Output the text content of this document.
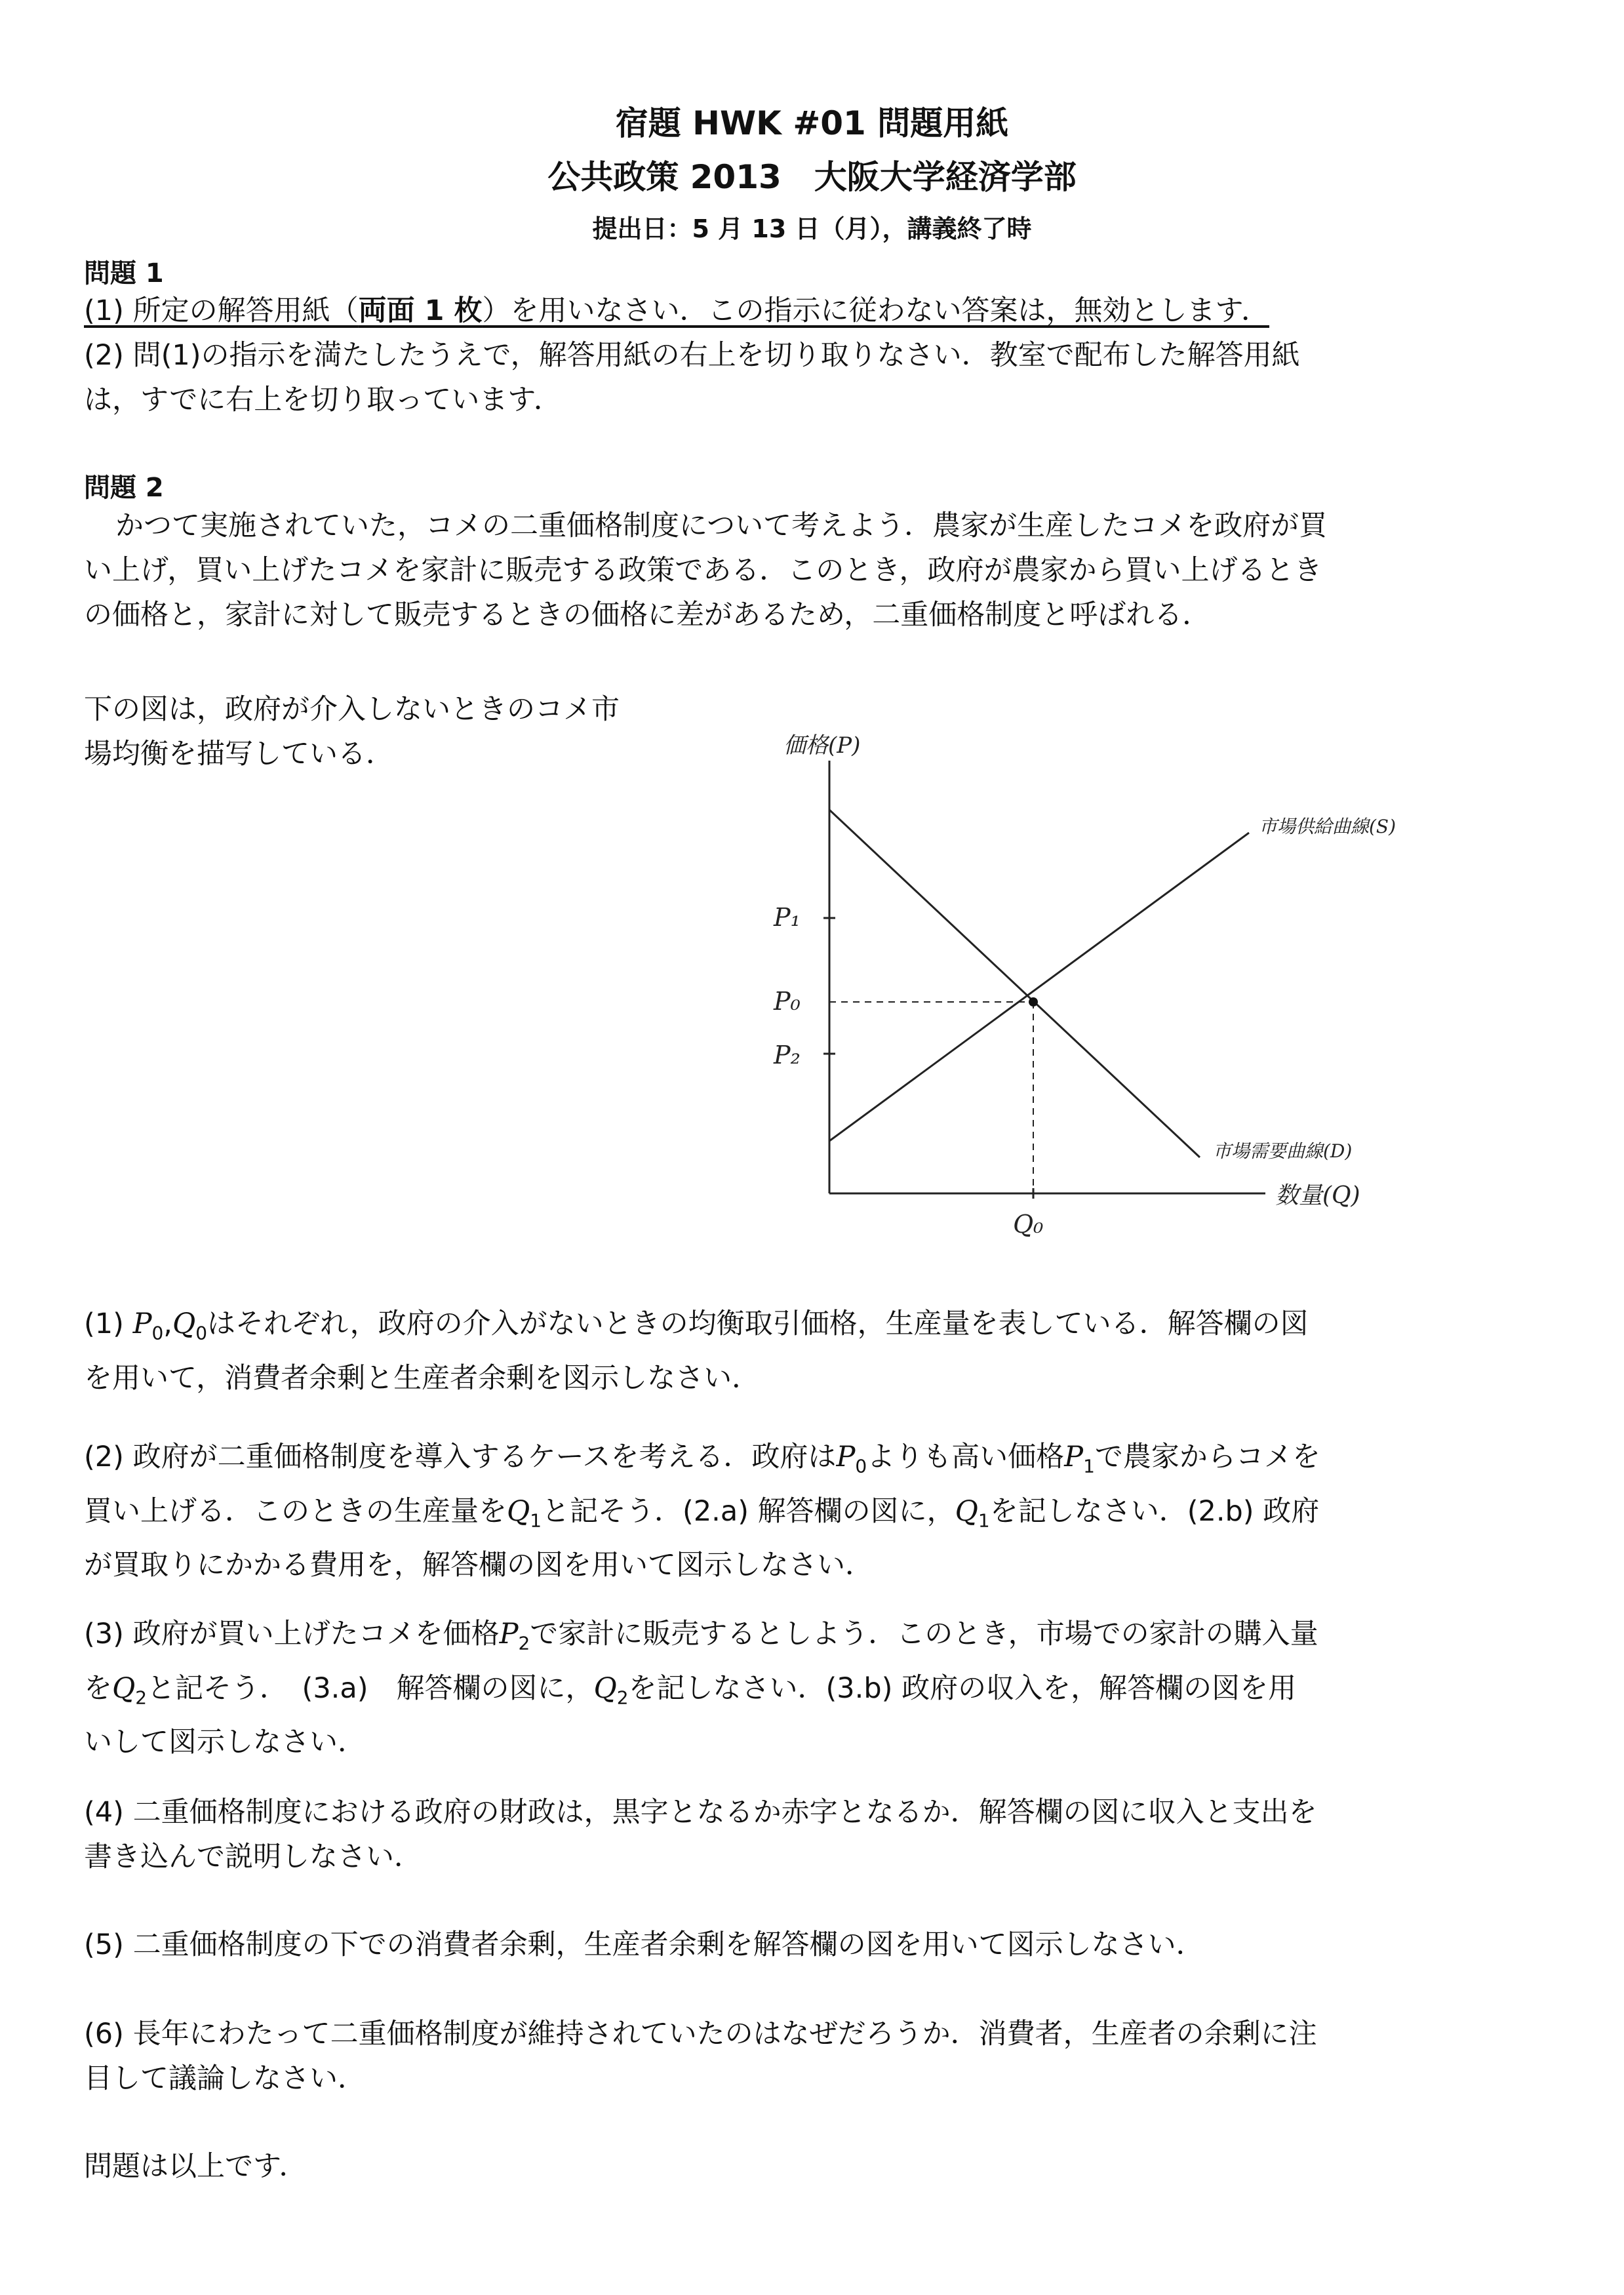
宿題 HWK #01 問題用紙
公共政策 2013　大阪大学経済学部
提出日：5 月 13 日（月），講義終了時
問題 1
(1) 所定の解答用紙（両面 1 枚）を用いなさい．この指示に従わない答案は，無効とします．
(2) 問(1)の指示を満たしたうえで，解答用紙の右上を切り取りなさい．教室で配布した解答用紙
は，すでに右上を切り取っています．
問題 2
かつて実施されていた，コメの二重価格制度について考えよう．農家が生産したコメを政府が買
い上げ，買い上げたコメを家計に販売する政策である．このとき，政府が農家から買い上げるとき
の価格と，家計に対して販売するときの価格に差があるため，二重価格制度と呼ばれる．
下の図は，政府が介入しないときのコメ市
場均衡を描写している．	価格(P)
数量(Q)
市場供給曲線(S)
市場需要曲線(D)
P₁
P₀
P₂
Q₀
(1) $P_0,Q_0$はそれぞれ，政府の介入がないときの均衡取引価格，生産量を表している．解答欄の図
を用いて，消費者余剰と生産者余剰を図示しなさい．
(2) 政府が二重価格制度を導入するケースを考える．政府は$P_0$よりも高い価格$P_1$で農家からコメを
買い上げる．このときの生産量を$Q_1$と記そう．(2.a) 解答欄の図に，$Q_1$を記しなさい．(2.b) 政府
が買取りにかかる費用を，解答欄の図を用いて図示しなさい．
(3) 政府が買い上げたコメを価格$P_2$で家計に販売するとしよう．このとき，市場での家計の購入量
を$Q_2$と記そう．　(3.a)　解答欄の図に，$Q_2$を記しなさい．(3.b) 政府の収入を，解答欄の図を用
いして図示しなさい．
(4) 二重価格制度における政府の財政は，黒字となるか赤字となるか．解答欄の図に収入と支出を
書き込んで説明しなさい．
(5) 二重価格制度の下での消費者余剰，生産者余剰を解答欄の図を用いて図示しなさい．
(6) 長年にわたって二重価格制度が維持されていたのはなぜだろうか．消費者，生産者の余剰に注
目して議論しなさい．
問題は以上です．
